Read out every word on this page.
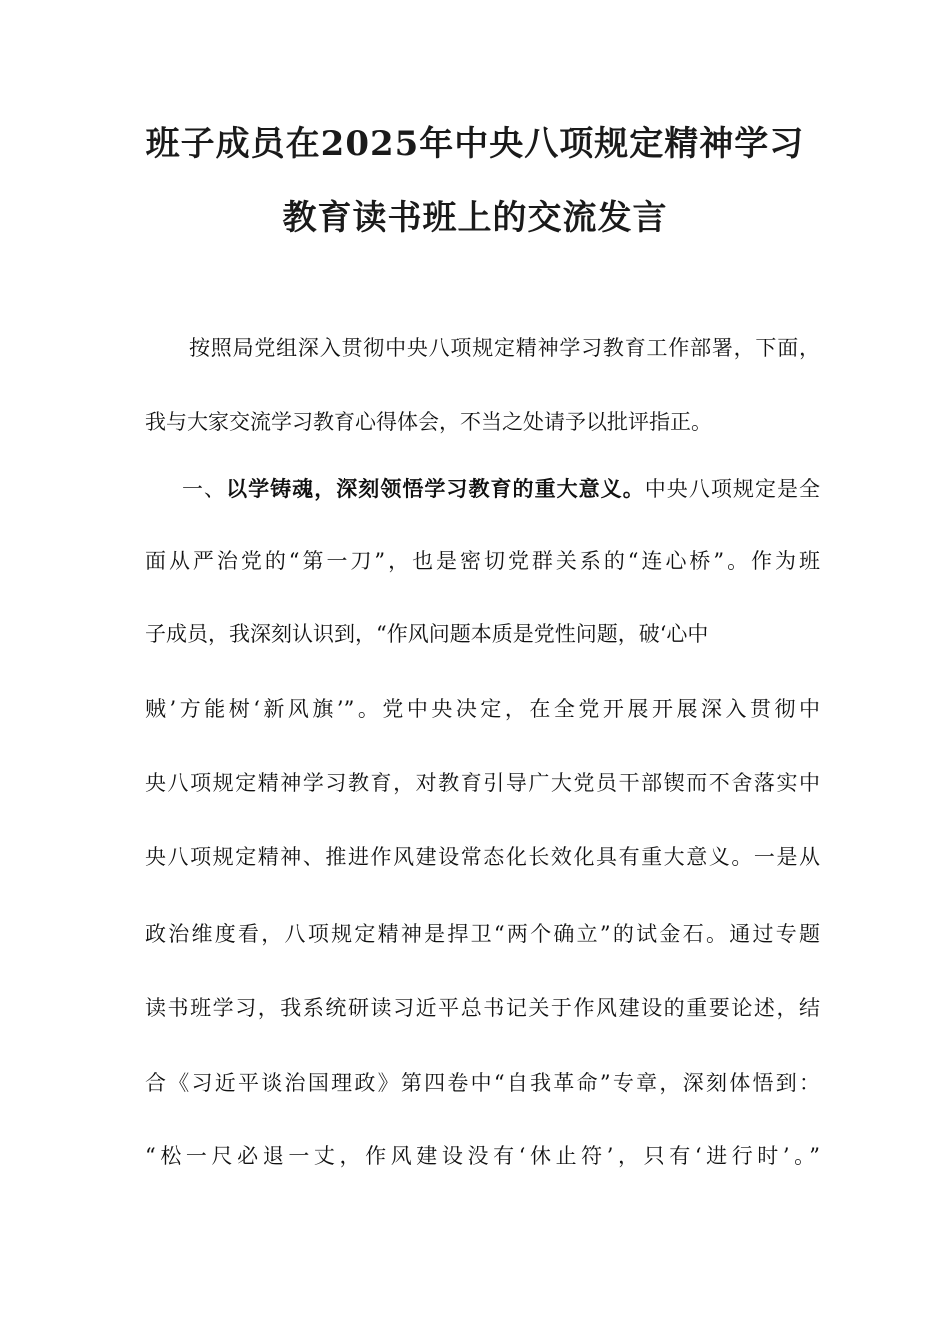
班子成员在2025年中央八项规定精神学习
教育读书班上的交流发言
按照局党组深入贯彻中央八项规定精神学习教育工作部署，下面，
我与大家交流学习教育心得体会，不当之处请予以批评指正。
一、以学铸魂，深刻领悟学习教育的重大意义。中央八项规定是全
面从严治党的“第一刀”，也是密切党群关系的“连心桥”。作为班
子成员，我深刻认识到，“作风问题本质是党性问题，破‘心中
贼’方能树‘新风旗’”。党中央决定，在全党开展开展深入贯彻中
央八项规定精神学习教育，对教育引导广大党员干部锲而不舍落实中
央八项规定精神、推进作风建设常态化长效化具有重大意义。一是从
政治维度看，八项规定精神是捍卫“两个确立”的试金石。通过专题
读书班学习，我系统研读习近平总书记关于作风建设的重要论述，结
合《习近平谈治国理政》第四卷中“自我革命”专章，深刻体悟到：
“松一尺必退一丈，作风建设没有‘休止符’，只有‘进行时’。”
